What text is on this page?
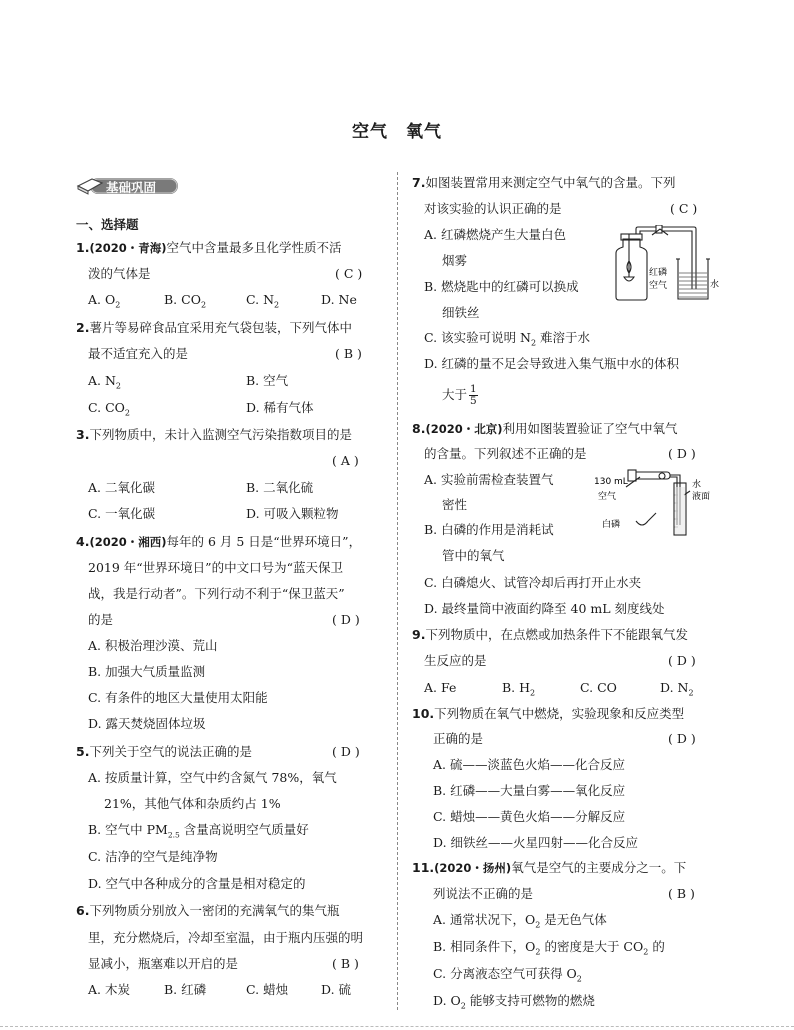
空气　氧气
基础巩固
一、选择题
1.(2020・青海)空气中含量最多且化学性质不活
泼的气体是	( C )
A. $O_2$	B. $CO_2$	C. $N_2$	D. Ne
2.薯片等易碎食品宜采用充气袋包装，下列气体中
最不适宜充入的是	( B )
A. $N_2$	B. 空气
C. $CO_2$	D. 稀有气体
3.下列物质中，未计入监测空气污染指数项目的是
( A )
A. 二氧化碳	B. 二氧化硫
C. 一氧化碳	D. 可吸入颗粒物
4.(2020・湘西)每年的 6 月 5 日是“世界环境日”，
2019 年“世界环境日”的中文口号为“蓝天保卫
战，我是行动者”。下列行动不利于“保卫蓝天”
的是	( D )
A. 积极治理沙漠、荒山
B. 加强大气质量监测
C. 有条件的地区大量使用太阳能
D. 露天焚烧固体垃圾
5.下列关于空气的说法正确的是	( D )
A. 按质量计算，空气中约含氮气 78%，氧气
21%，其他气体和杂质约占 1%
B. 空气中 $PM_{2.5}$ 含量高说明空气质量好
C. 洁净的空气是纯净物
D. 空气中各种成分的含量是相对稳定的
6.下列物质分别放入一密闭的充满氧气的集气瓶
里，充分燃烧后，冷却至室温，由于瓶内压强的明
显减小，瓶塞难以开启的是	( B )
A. 木炭	B. 红磷	C. 蜡烛	D. 硫
7.如图装置常用来测定空气中氧气的含量。下列
对该实验的认识正确的是	( C )
A. 红磷燃烧产生大量白色
烟雾
B. 燃烧匙中的红磷可以换成
细铁丝
C. 该实验可说明 $N_2$ 难溶于水
D. 红磷的量不足会导致进入集气瓶中水的体积
大于 $\frac{1}{5}$
红磷
空气	水
8.(2020・北京)利用如图装置验证了空气中氧气
的含量。下列叙述不正确的是	( D )
A. 实验前需检查装置气
密性
B. 白磷的作用是消耗试
管中的氧气
C. 白磷熄火、试管冷却后再打开止水夹
D. 最终量筒中液面约降至 40 mL 刻度线处
130 mL
空气
白磷
水
液面
9.下列物质中，在点燃或加热条件下不能跟氧气发
生反应的是	( D )
A. Fe	B. $H_2$	C. CO	D. $N_2$
10.下列物质在氧气中燃烧，实验现象和反应类型
正确的是	( D )
A. 硫——淡蓝色火焰——化合反应
B. 红磷——大量白雾——氧化反应
C. 蜡烛——黄色火焰——分解反应
D. 细铁丝——火星四射——化合反应
11.(2020・扬州)氧气是空气的主要成分之一。下
列说法不正确的是	( B )
A. 通常状况下，$O_2$ 是无色气体
B. 相同条件下，$O_2$ 的密度是大于 $CO_2$ 的
C. 分离液态空气可获得 $O_2$
D. $O_2$ 能够支持可燃物的燃烧
